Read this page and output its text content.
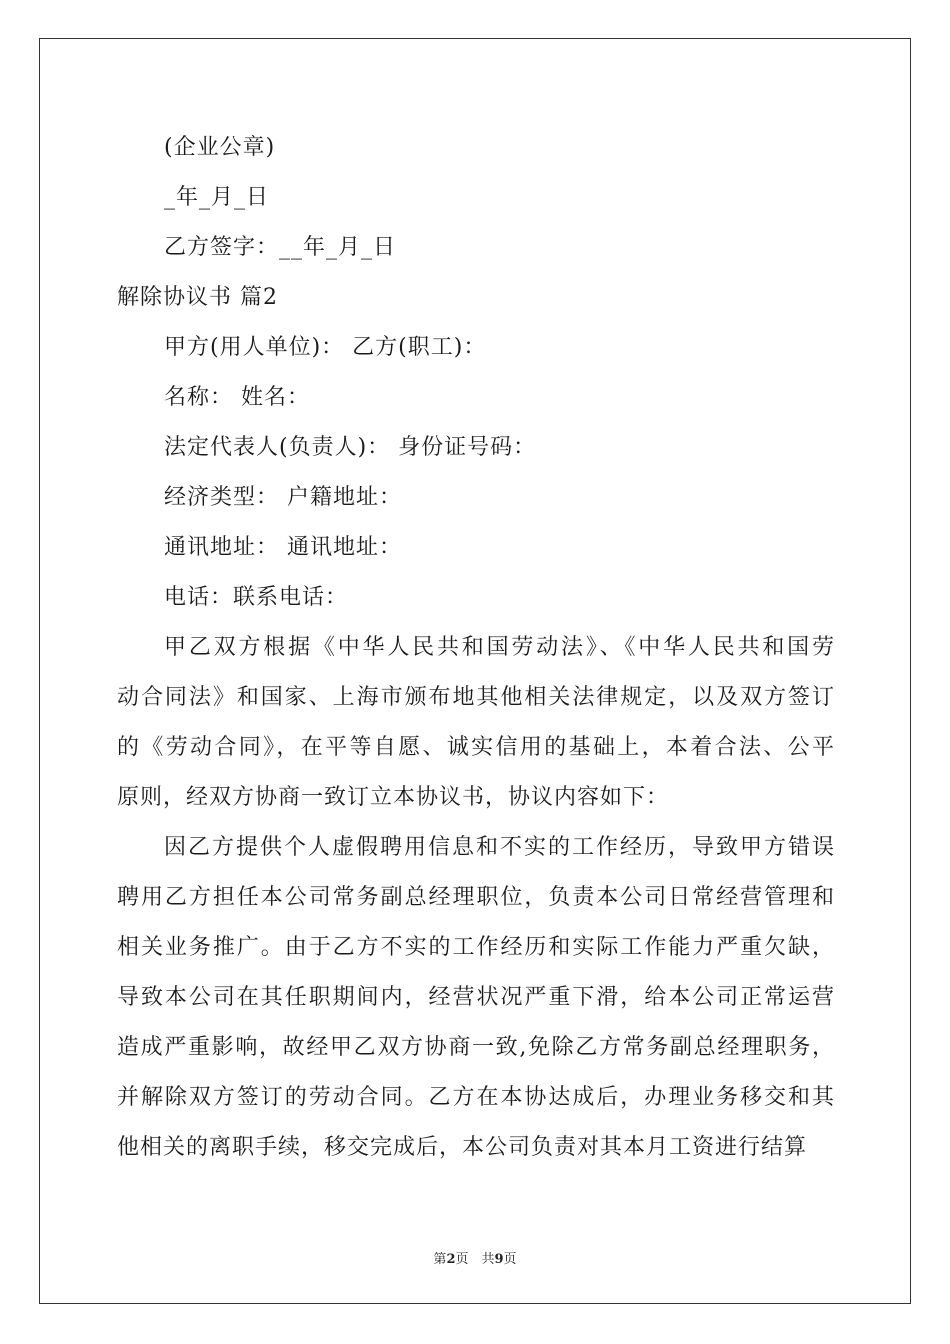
(企业公章)
_年_月_日
乙方签字：__年_月_日
解除协议书 篇2
甲方(用人单位)： 乙方(职工)：
名称： 姓名：
法定代表人(负责人)： 身份证号码：
经济类型： 户籍地址：
通讯地址： 通讯地址：
电话：联系电话：
甲乙双方根据《中华人民共和国劳动法》、《中华人民共和国劳
动合同法》和国家、上海市颁布地其他相关法律规定，以及双方签订
的《劳动合同》，在平等自愿、诚实信用的基础上，本着合法、公平
原则，经双方协商一致订立本协议书，协议内容如下：
因乙方提供个人虚假聘用信息和不实的工作经历，导致甲方错误
聘用乙方担任本公司常务副总经理职位，负责本公司日常经营管理和
相关业务推广。由于乙方不实的工作经历和实际工作能力严重欠缺，
导致本公司在其任职期间内，经营状况严重下滑，给本公司正常运营
造成严重影响，故经甲乙双方协商一致,免除乙方常务副总经理职务，
并解除双方签订的劳动合同。乙方在本协达成后，办理业务移交和其
他相关的离职手续，移交完成后，本公司负责对其本月工资进行结算
第2页　共9页
